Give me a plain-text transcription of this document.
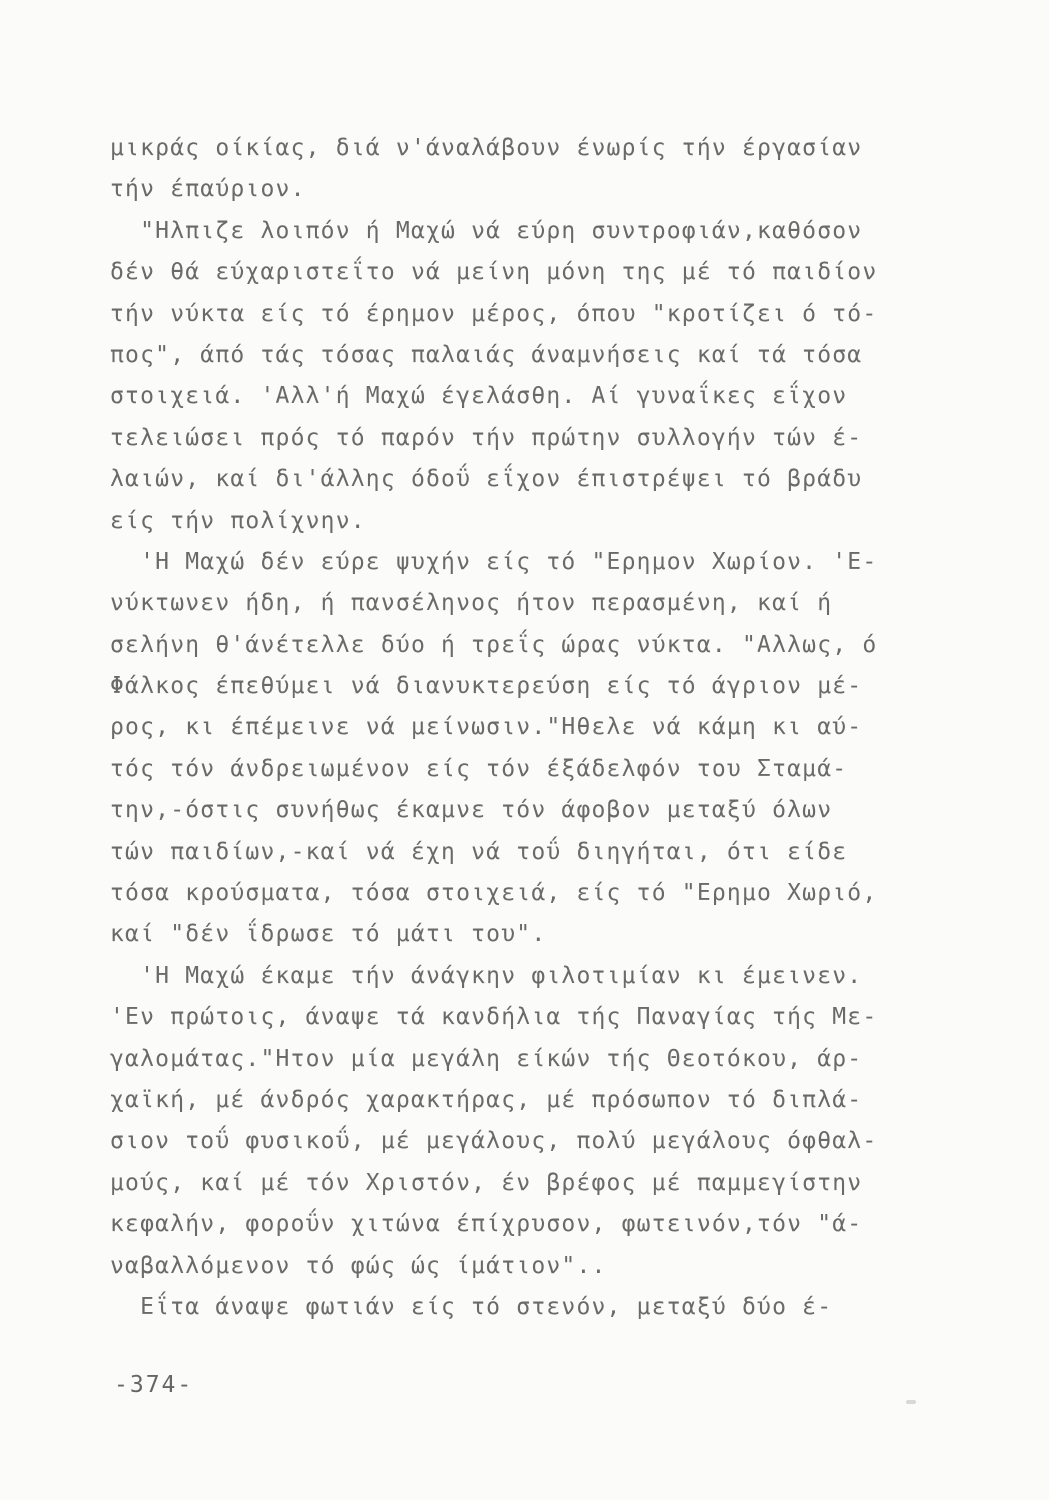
μικράς οίκίας, διά ν'άναλάβουν ένωρίς τήν έργασίαν
τήν έπαύριον.
"Ηλπιζε λοιπόν ή Μαχώ νά εύρη συντροφιάν,καθόσον
δέν θά εύχαριστεΐτο νά μείνη μόνη της μέ τό παιδίον
τήν νύκτα είς τό έρημον μέρος, όπου "κροτίζει ό τό-
πος", άπό τάς τόσας παλαιάς άναμνήσεις καί τά τόσα
στοιχειά. 'Αλλ'ή Μαχώ έγελάσθη. Αί γυναΐκες εΐχον
τελειώσει πρός τό παρόν τήν πρώτην συλλογήν τών έ-
λαιών, καί δι'άλλης όδοΰ εΐχον έπιστρέψει τό βράδυ
είς τήν πολίχνην.
'Η Μαχώ δέν εύρε ψυχήν είς τό "Ερημον Χωρίον. 'Ε-
νύκτωνεν ήδη, ή πανσέληνος ήτον περασμένη, καί ή
σελήνη θ'άνέτελλε δύο ή τρεΐς ώρας νύκτα. "Αλλως, ό
Φάλκος έπεθύμει νά διανυκτερεύση είς τό άγριον μέ-
ρος, κι έπέμεινε νά μείνωσιν."Ηθελε νά κάμη κι αύ-
τός τόν άνδρειωμένον είς τόν έξάδελφόν του Σταμά-
την,-όστις συνήθως έκαμνε τόν άφοβον μεταξύ όλων
τών παιδίων,-καί νά έχη νά τοΰ διηγήται, ότι είδε
τόσα κρούσματα, τόσα στοιχειά, είς τό "Ερημο Χωριό,
καί "δέν ΐδρωσε τό μάτι του".
'Η Μαχώ έκαμε τήν άνάγκην φιλοτιμίαν κι έμεινεν.
'Εν πρώτοις, άναψε τά κανδήλια τής Παναγίας τής Με-
γαλομάτας."Ητον μία μεγάλη είκών τής Θεοτόκου, άρ-
χαϊκή, μέ άνδρός χαρακτήρας, μέ πρόσωπον τό διπλά-
σιον τοΰ φυσικοΰ, μέ μεγάλους, πολύ μεγάλους όφθαλ-
μούς, καί μέ τόν Χριστόν, έν βρέφος μέ παμμεγίστην
κεφαλήν, φοροΰν χιτώνα έπίχρυσον, φωτεινόν,τόν "ά-
ναβαλλόμενον τό φώς ώς ίμάτιον"..
Εΐτα άναψε φωτιάν είς τό στενόν, μεταξύ δύο έ-
-374-
